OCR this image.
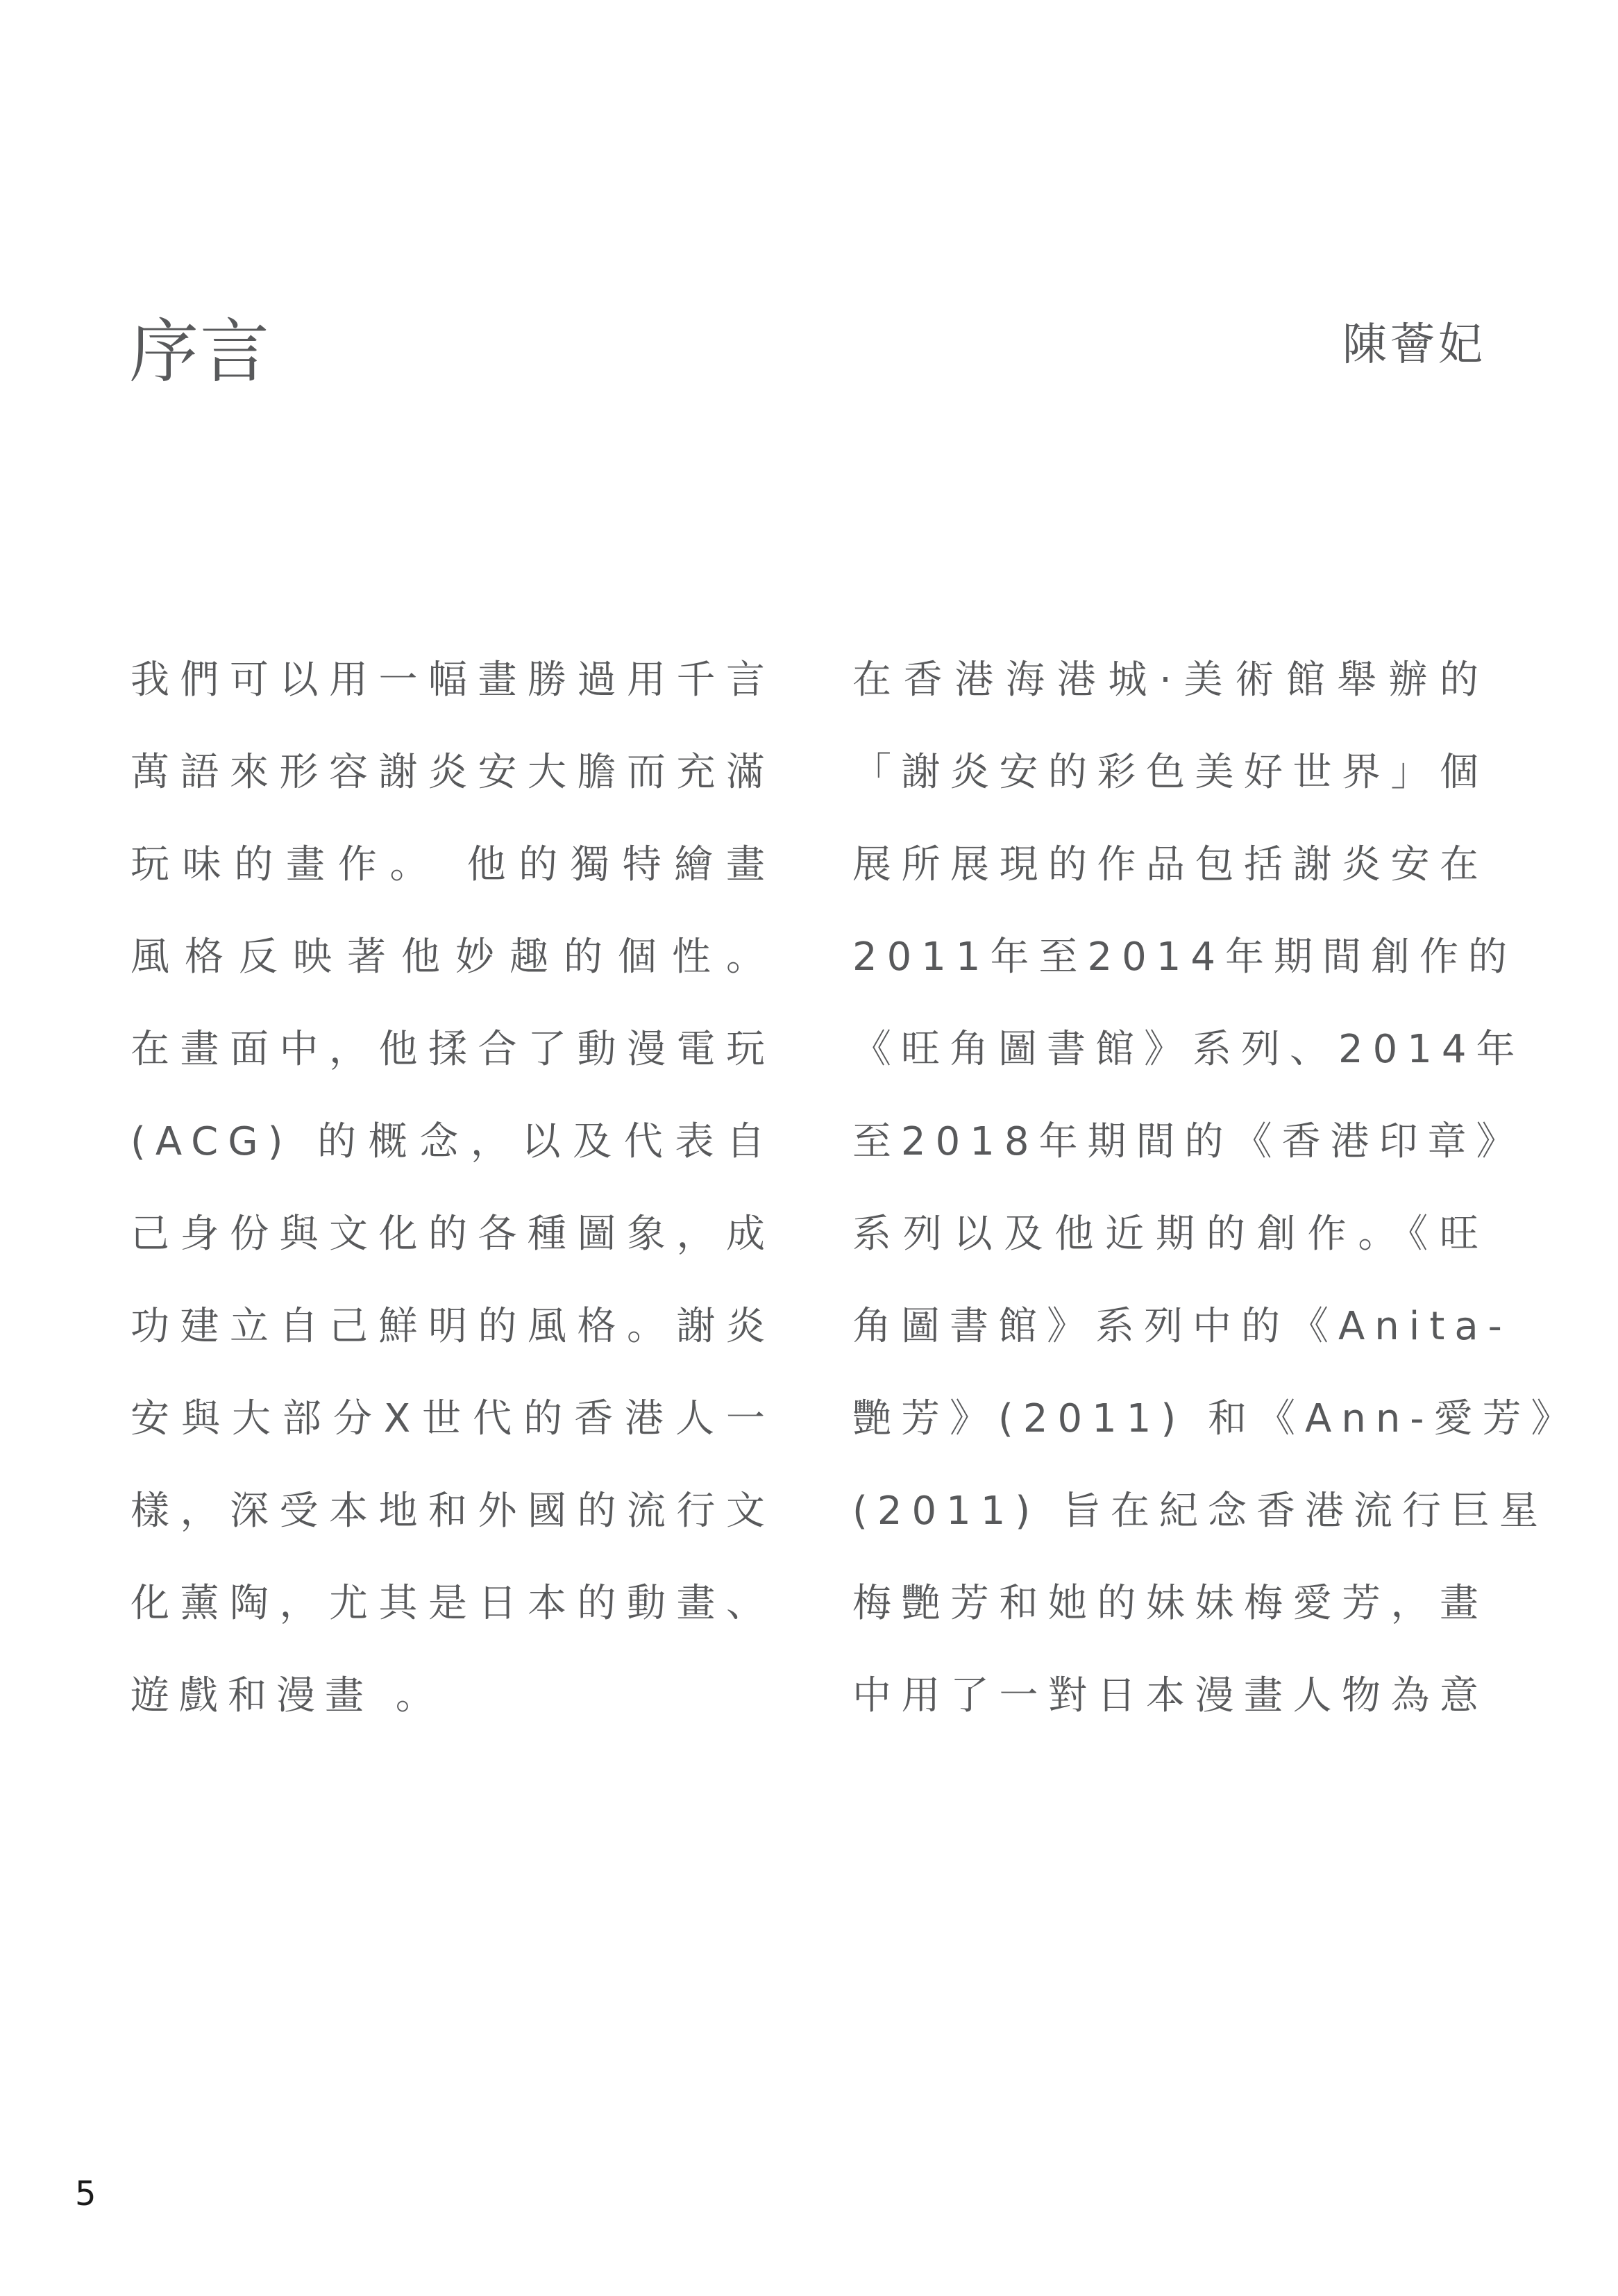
序言	陳薈妃
我們可以用一幅畫勝過用千言
萬語來形容謝炎安大膽而充滿
玩味的畫作。 他的獨特繪畫
風格反映著他妙趣的個性。
在畫面中，他揉合了動漫電玩
(ACG) 的概念，以及代表自
己身份與文化的各種圖象，成
功建立自己鮮明的風格。謝炎
安與大部分X世代的香港人一
樣，深受本地和外國的流行文
化薰陶，尤其是日本的動畫、
遊戲和漫畫 。
在香港海港城·美術館舉辦的
「謝炎安的彩色美好世界」個
展所展現的作品包括謝炎安在
2011年至2014年期間創作的
《旺角圖書館》系列、2014年
至2018年期間的《香港印章》
系列以及他近期的創作。《旺
角圖書館》系列中的《Anita-
艷芳》(2011) 和《Ann-愛芳》
(2011) 旨在紀念香港流行巨星
梅艷芳和她的妹妹梅愛芳，畫
中用了一對日本漫畫人物為意
5
